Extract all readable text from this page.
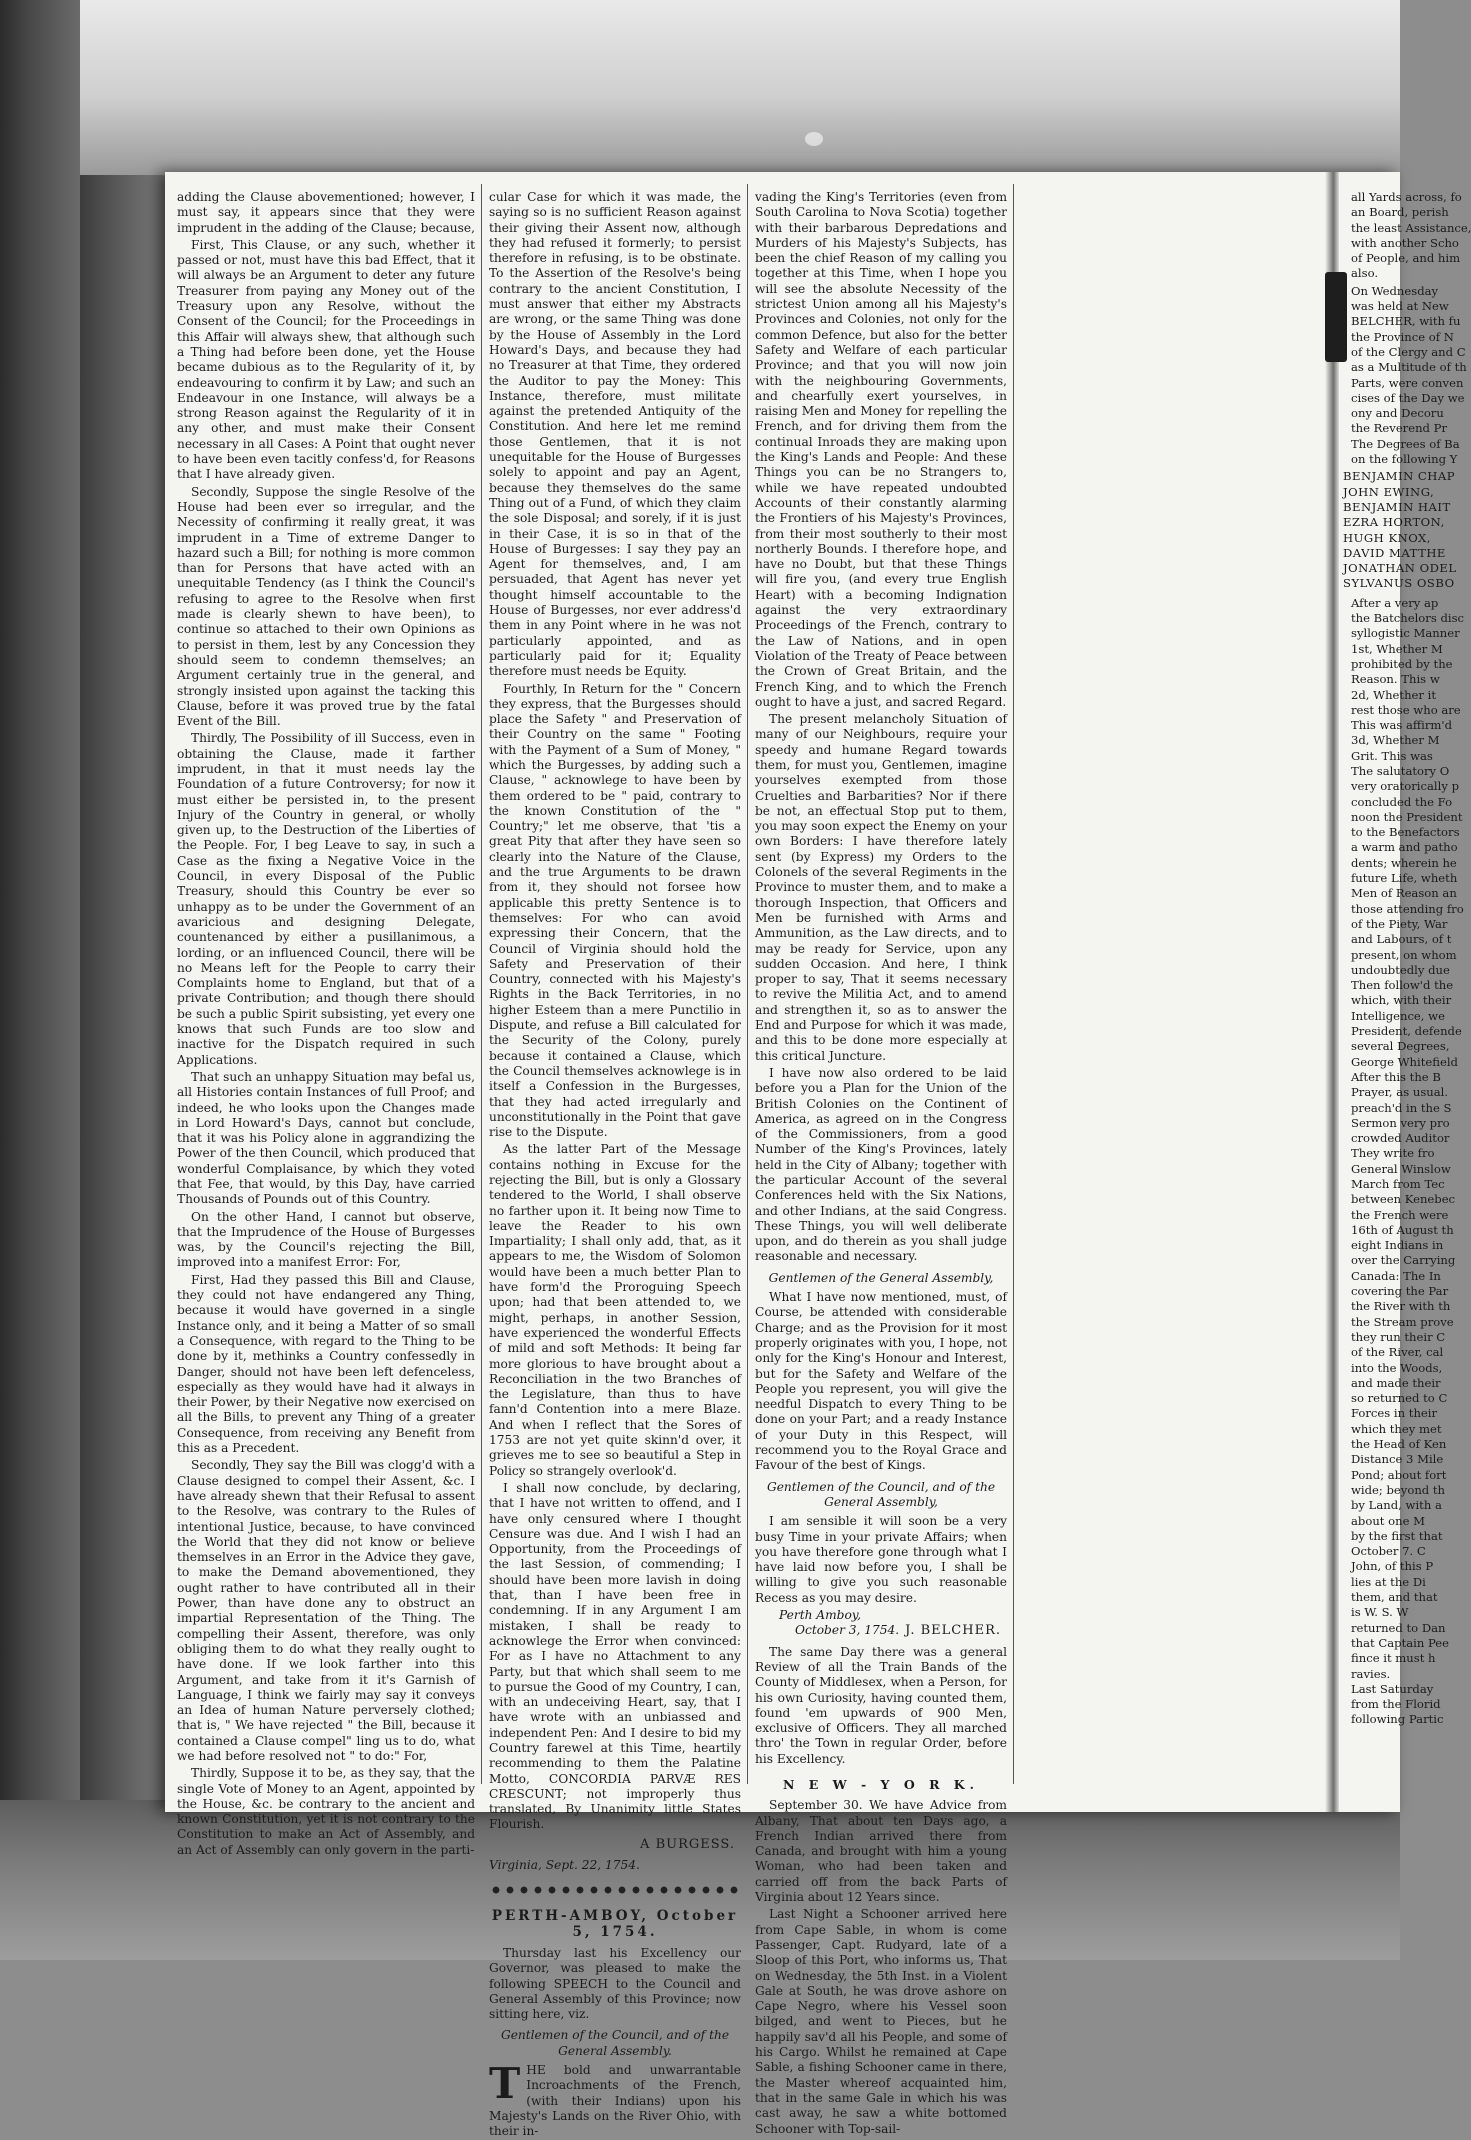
adding the Clause abovementioned; however, I must say, it appears since that they were imprudent in the adding of the Clause; because,

First, This Clause, or any such, whether it passed or not, must have this bad Effect, that it will always be an Argument to deter any future Treasurer from paying any Money out of the Treasury upon any Resolve, without the Consent of the Council; for the Proceedings in this Affair will always shew, that although such a Thing had before been done, yet the House became dubious as to the Regularity of it, by endeavouring to confirm it by Law; and such an Endeavour in one Instance, will always be a strong Reason against the Regularity of it in any other, and must make their Consent necessary in all Cases: A Point that ought never to have been even tacitly confess'd, for Reasons that I have already given.

Secondly, Suppose the single Resolve of the House had been ever so irregular, and the Necessity of confirming it really great, it was imprudent in a Time of extreme Danger to hazard such a Bill; for nothing is more common than for Persons that have acted with an unequitable Tendency (as I think the Council's refusing to agree to the Resolve when first made is clearly shewn to have been), to continue so attached to their own Opinions as to persist in them, lest by any Concession they should seem to condemn themselves; an Argument certainly true in the general, and strongly insisted upon against the tacking this Clause, before it was proved true by the fatal Event of the Bill.

Thirdly, The Possibility of ill Success, even in obtaining the Clause, made it farther imprudent, in that it must needs lay the Foundation of a future Controversy; for now it must either be persisted in, to the present Injury of the Country in general, or wholly given up, to the Destruction of the Liberties of the People. For, I beg Leave to say, in such a Case as the fixing a Negative Voice in the Council, in every Disposal of the Public Treasury, should this Country be ever so unhappy as to be under the Government of an avaricious and designing Delegate, countenanced by either a pusillanimous, a lording, or an influenced Council, there will be no Means left for the People to carry their Complaints home to England, but that of a private Contribution; and though there should be such a public Spirit subsisting, yet every one knows that such Funds are too slow and inactive for the Dispatch required in such Applications.

That such an unhappy Situation may befal us, all Histories contain Instances of full Proof; and indeed, he who looks upon the Changes made in Lord Howard's Days, cannot but conclude, that it was his Policy alone in aggrandizing the Power of the then Council, which produced that wonderful Complaisance, by which they voted that Fee, that would, by this Day, have carried Thousands of Pounds out of this Country.

On the other Hand, I cannot but observe, that the Imprudence of the House of Burgesses was, by the Council's rejecting the Bill, improved into a manifest Error: For,

First, Had they passed this Bill and Clause, they could not have endangered any Thing, because it would have governed in a single Instance only, and it being a Matter of so small a Consequence, with regard to the Thing to be done by it, methinks a Country confessedly in Danger, should not have been left defenceless, especially as they would have had it always in their Power, by their Negative now exercised on all the Bills, to prevent any Thing of a greater Consequence, from receiving any Benefit from this as a Precedent.

Secondly, They say the Bill was clogg'd with a Clause designed to compel their Assent, &c. I have already shewn that their Refusal to assent to the Resolve, was contrary to the Rules of intentional Justice, because, to have convinced the World that they did not know or believe themselves in an Error in the Advice they gave, to make the Demand abovementioned, they ought rather to have contributed all in their Power, than have done any to obstruct an impartial Representation of the Thing. The compelling their Assent, therefore, was only obliging them to do what they really ought to have done. If we look farther into this Argument, and take from it it's Garnish of Language, I think we fairly may say it conveys an Idea of human Nature perversely clothed; that is, " We have rejected " the Bill, because it contained a Clause compel" ling us to do, what we had before resolved not " to do:" For,

Thirdly, Suppose it to be, as they say, that the single Vote of Money to an Agent, appointed by the House, &c. be contrary to the ancient and known Constitution, yet it is not contrary to the Constitution to make an Act of Assembly, and an Act of Assembly can only govern in the parti-

cular Case for which it was made, the saying so is no sufficient Reason against their giving their Assent now, although they had refused it formerly; to persist therefore in refusing, is to be obstinate. To the Assertion of the Resolve's being contrary to the ancient Constitution, I must answer that either my Abstracts are wrong, or the same Thing was done by the House of Assembly in the Lord Howard's Days, and because they had no Treasurer at that Time, they ordered the Auditor to pay the Money: This Instance, therefore, must militate against the pretended Antiquity of the Constitution. And here let me remind those Gentlemen, that it is not unequitable for the House of Burgesses solely to appoint and pay an Agent, because they themselves do the same Thing out of a Fund, of which they claim the sole Disposal; and sorely, if it is just in their Case, it is so in that of the House of Burgesses: I say they pay an Agent for themselves, and, I am persuaded, that Agent has never yet thought himself accountable to the House of Burgesses, nor ever address'd them in any Point where in he was not particularly appointed, and as particularly paid for it; Equality therefore must needs be Equity.

Fourthly, In Return for the " Concern they express, that the Burgesses should place the Safety " and Preservation of their Country on the same " Footing with the Payment of a Sum of Money, " which the Burgesses, by adding such a Clause, " acknowlege to have been by them ordered to be " paid, contrary to the known Constitution of the " Country;" let me observe, that 'tis a great Pity that after they have seen so clearly into the Nature of the Clause, and the true Arguments to be drawn from it, they should not forsee how applicable this pretty Sentence is to themselves: For who can avoid expressing their Concern, that the Council of Virginia should hold the Safety and Preservation of their Country, connected with his Majesty's Rights in the Back Territories, in no higher Esteem than a mere Punctilio in Dispute, and refuse a Bill calculated for the Security of the Colony, purely because it contained a Clause, which the Council themselves acknowlege is in itself a Confession in the Burgesses, that they had acted irregularly and unconstitutionally in the Point that gave rise to the Dispute.

As the latter Part of the Message contains nothing in Excuse for the rejecting the Bill, but is only a Glossary tendered to the World, I shall observe no farther upon it. It being now Time to leave the Reader to his own Impartiality; I shall only add, that, as it appears to me, the Wisdom of Solomon would have been a much better Plan to have form'd the Proroguing Speech upon; had that been attended to, we might, perhaps, in another Session, have experienced the wonderful Effects of mild and soft Methods: It being far more glorious to have brought about a Reconciliation in the two Branches of the Legislature, than thus to have fann'd Contention into a mere Blaze. And when I reflect that the Sores of 1753 are not yet quite skinn'd over, it grieves me to see so beautiful a Step in Policy so strangely overlook'd.

I shall now conclude, by declaring, that I have not written to offend, and I have only censured where I thought Censure was due. And I wish I had an Opportunity, from the Proceedings of the last Session, of commending; I should have been more lavish in doing that, than I have been free in condemning. If in any Argument I am mistaken, I shall be ready to acknowlege the Error when convinced: For as I have no Attachment to any Party, but that which shall seem to me to pursue the Good of my Country, I can, with an undeceiving Heart, say, that I have wrote with an unbiassed and independent Pen: And I desire to bid my Country farewel at this Time, heartily recommending to them the Palatine Motto, CONCORDIA PARVÆ RES CRESCUNT; not improperly thus translated, By Unanimity little States Flourish.

A BURGESS.

Virginia, Sept. 22, 1754.

PERTH-AMBOY, October 5, 1754.

Thursday last his Excellency our Governor, was pleased to make the following SPEECH to the Council and General Assembly of this Province; now sitting here, viz.

Gentlemen of the Council, and of the General Assembly.

THE bold and unwarrantable Incroachments of the French, (with their Indians) upon his Majesty's Lands on the River Ohio, with their in-

vading the King's Territories (even from South Carolina to Nova Scotia) together with their barbarous Depredations and Murders of his Majesty's Subjects, has been the chief Reason of my calling you together at this Time, when I hope you will see the absolute Necessity of the strictest Union among all his Majesty's Provinces and Colonies, not only for the common Defence, but also for the better Safety and Welfare of each particular Province; and that you will now join with the neighbouring Governments, and chearfully exert yourselves, in raising Men and Money for repelling the French, and for driving them from the continual Inroads they are making upon the King's Lands and People: And these Things you can be no Strangers to, while we have repeated undoubted Accounts of their constantly alarming the Frontiers of his Majesty's Provinces, from their most southerly to their most northerly Bounds. I therefore hope, and have no Doubt, but that these Things will fire you, (and every true English Heart) with a becoming Indignation against the very extraordinary Proceedings of the French, contrary to the Law of Nations, and in open Violation of the Treaty of Peace between the Crown of Great Britain, and the French King, and to which the French ought to have a just, and sacred Regard.

The present melancholy Situation of many of our Neighbours, require your speedy and humane Regard towards them, for must you, Gentlemen, imagine yourselves exempted from those Cruelties and Barbarities? Nor if there be not, an effectual Stop put to them, you may soon expect the Enemy on your own Borders: I have therefore lately sent (by Express) my Orders to the Colonels of the several Regiments in the Province to muster them, and to make a thorough Inspection, that Officers and Men be furnished with Arms and Ammunition, as the Law directs, and to may be ready for Service, upon any sudden Occasion. And here, I think proper to say, That it seems necessary to revive the Militia Act, and to amend and strengthen it, so as to answer the End and Purpose for which it was made, and this to be done more especially at this critical Juncture.

I have now also ordered to be laid before you a Plan for the Union of the British Colonies on the Continent of America, as agreed on in the Congress of the Commissioners, from a good Number of the King's Provinces, lately held in the City of Albany; together with the particular Account of the several Conferences held with the Six Nations, and other Indians, at the said Congress. These Things, you will well deliberate upon, and do therein as you shall judge reasonable and necessary.

Gentlemen of the General Assembly,

What I have now mentioned, must, of Course, be attended with considerable Charge; and as the Provision for it most properly originates with you, I hope, not only for the King's Honour and Interest, but for the Safety and Welfare of the People you represent, you will give the needful Dispatch to every Thing to be done on your Part; and a ready Instance of your Duty in this Respect, will recommend you to the Royal Grace and Favour of the best of Kings.

Gentlemen of the Council, and of the General Assembly,

I am sensible it will soon be a very busy Time in your private Affairs; when you have therefore gone through what I have laid now before you, I shall be willing to give you such reasonable Recess as you may desire.

Perth Amboy,

October 3, 1754. J. BELCHER.

The same Day there was a general Review of all the Train Bands of the County of Middlesex, when a Person, for his own Curiosity, having counted them, found 'em upwards of 900 Men, exclusive of Officers. They all marched thro' the Town in regular Order, before his Excellency.

N E W - Y O R K.

September 30. We have Advice from Albany, That about ten Days ago, a French Indian arrived there from Canada, and brought with him a young Woman, who had been taken and carried off from the back Parts of Virginia about 12 Years since.

Last Night a Schooner arrived here from Cape Sable, in whom is come Passenger, Capt. Rudyard, late of a Sloop of this Port, who informs us, That on Wednesday, the 5th Inst. in a Violent Gale at South, he was drove ashore on Cape Negro, where his Vessel soon bilged, and went to Pieces, but he happily sav'd all his People, and some of his Cargo. Whilst he remained at Cape Sable, a fishing Schooner came in there, the Master whereof acquainted him, that in the same Gale in which his was cast away, he saw a white bottomed Schooner with Top-sail-

all Yards across, fo

an Board, perish

the least Assistance,

with another Scho

of People, and him

also.

On Wednesday

was held at New

BELCHER, with fu

the Province of N

of the Clergy and C

as a Multitude of th

Parts, were conven

cises of the Day we

ony and Decoru

the Reverend Pr

The Degrees of Ba

on the following Y

BENJAMIN CHAP
JOHN EWING,
BENJAMIN HAIT
EZRA HORTON,
HUGH KNOX,
DAVID MATTHE
JONATHAN ODEL
SYLVANUS OSBO

After a very ap

the Batchelors disc

syllogistic Manner

1st, Whether M

prohibited by the

Reason. This w

2d, Whether it

rest those who are

This was affirm'd

3d, Whether M

Grit. This was

The salutatory O

very oratorically p

concluded the Fo

noon the President

to the Benefactors

a warm and patho

dents; wherein he

future Life, wheth

Men of Reason an

those attending fro

of the Piety, War

and Labours, of t

present, on whom

undoubtedly due

Then follow'd the

which, with their

Intelligence, we

President, defende

several Degrees,

George Whitefield

After this the B

Prayer, as usual.

preach'd in the S

Sermon very pro

crowded Auditor

They write fro

General Winslow

March from Tec

between Kenebec

the French were

16th of August th

eight Indians in

over the Carrying

Canada: The In

covering the Par

the River with th

the Stream prove

they run their C

of the River, cal

into the Woods,

and made their

so returned to C

Forces in their

which they met

the Head of Ken

Distance 3 Mile

Pond; about fort

wide; beyond th

by Land, with a

about one M

by the first that

October 7. C

John, of this P

lies at the Di

them, and that

is W. S. W

returned to Dan

that Captain Pee

fince it must h

ravies.

Last Saturday

from the Florid

following Partic
